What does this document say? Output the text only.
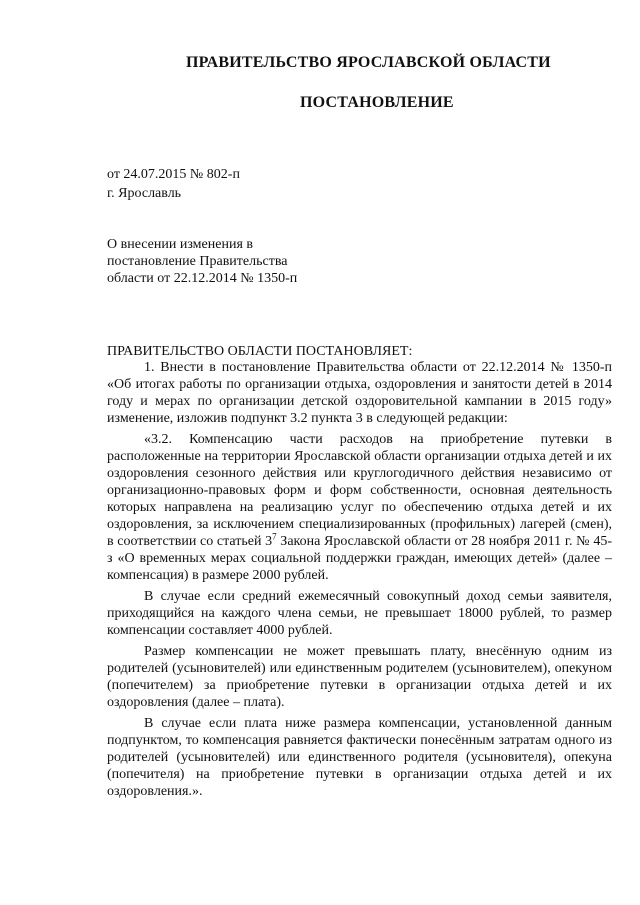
ПРАВИТЕЛЬСТВО ЯРОСЛАВСКОЙ ОБЛАСТИ
ПОСТАНОВЛЕНИЕ
от 24.07.2015 № 802-п
г. Ярославль
О внесении изменения в
постановление Правительства
области от 22.12.2014 № 1350-п
ПРАВИТЕЛЬСТВО ОБЛАСТИ ПОСТАНОВЛЯЕТ:

1. Внести в постановление Правительства области от 22.12.2014 № 1350-п «Об итогах работы по организации отдыха, оздоровления и занятости детей в 2014 году и мерах по организации детской оздоровительной кампании в 2015 году» изменение, изложив подпункт 3.2 пункта 3 в следующей редакции:

«3.2. Компенсацию части расходов на приобретение путевки в расположенные на территории Ярославской области организации отдыха детей и их оздоровления сезонного действия или круглогодичного действия независимо от организационно-правовых форм и форм собственности, основная деятельность которых направлена на реализацию услуг по обеспечению отдыха детей и их оздоровления, за исключением специализированных (профильных) лагерей (смен), в соответствии со статьей $3^7$ Закона Ярославской области от 28 ноября 2011 г. № 45-з «О временных мерах социальной поддержки граждан, имеющих детей» (далее – компенсация) в размере 2000 рублей.

В случае если средний ежемесячный совокупный доход семьи заявителя, приходящийся на каждого члена семьи, не превышает 18000 рублей, то размер компенсации составляет 4000 рублей.

Размер компенсации не может превышать плату, внесённую одним из родителей (усыновителей) или единственным родителем (усыновителем), опекуном (попечителем) за приобретение путевки в организации отдыха детей и их оздоровления (далее – плата).

В случае если плата ниже размера компенсации, установленной данным подпунктом, то компенсация равняется фактически понесённым затратам одного из родителей (усыновителей) или единственного родителя (усыновителя), опекуна (попечителя) на приобретение путевки в организации отдыха детей и их оздоровления.».
